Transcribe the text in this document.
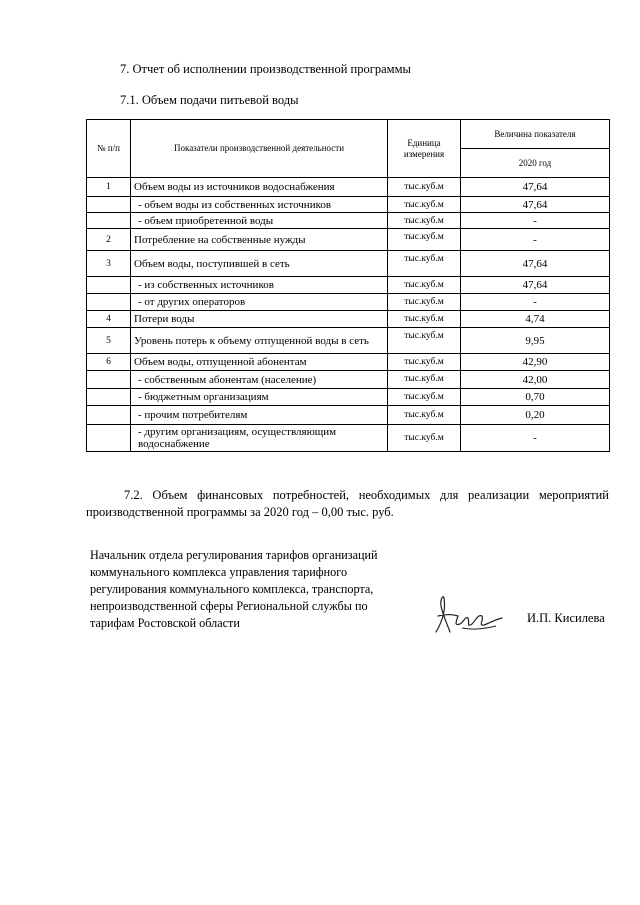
7. Отчет об исполнении производственной программы
7.1. Объем подачи питьевой воды
№ п/п	Показатели производственной деятельности	Единица измерения	Величина показателя
			2020 год
1	Объем воды из источников водоснабжения	тыс.куб.м	47,64
	- объем воды из собственных источников	тыс.куб.м	47,64
	- объем приобретенной воды	тыс.куб.м	-
2	Потребление на собственные нужды	тыс.куб.м	-
3	Объем воды, поступившей в сеть	тыс.куб.м	47,64
	- из собственных источников	тыс.куб.м	47,64
	- от других операторов	тыс.куб.м	-
4	Потери воды	тыс.куб.м	4,74
5	Уровень потерь к объему отпущенной воды в сеть	тыс.куб.м	9,95
6	Объем воды, отпущенной абонентам	тыс.куб.м	42,90
	- собственным абонентам (население)	тыс.куб.м	42,00
	- бюджетным организациям	тыс.куб.м	0,70
	- прочим потребителям	тыс.куб.м	0,20
	- другим организациям, осуществляющим водоснабжение	тыс.куб.м	-
7.2. Объем финансовых потребностей, необходимых для реализации мероприятий производственной программы за 2020 год – 0,00 тыс. руб.
Начальник отдела регулирования тарифов организаций
коммунального комплекса управления тарифного
регулирования коммунального комплекса, транспорта,
непроизводственной сферы Региональной службы по
тарифам Ростовской области	И.П. Кисилева
